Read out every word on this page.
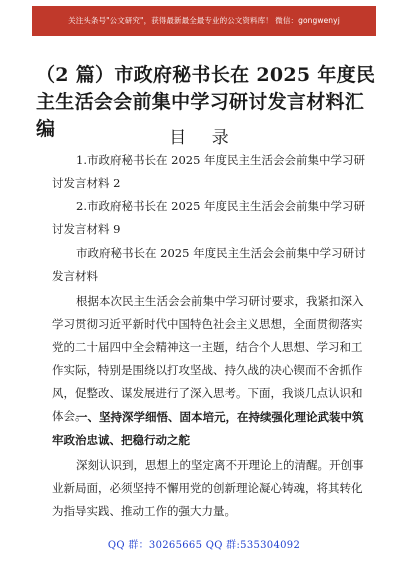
关注头条号"公文研究"，获得最新最全最专业的公文资料库！ 微信：gongwenyj
（2 篇）市政府秘书长在 2025 年度民主生活会会前集中学习研讨发言材料汇编	目 录
1.市政府秘书长在 2025 年度民主生活会会前集中学习研讨发言材料 2
2.市政府秘书长在 2025 年度民主生活会会前集中学习研讨发言材料 9
市政府秘书长在 2025 年度民主生活会会前集中学习研讨发言材料
根据本次民主生活会会前集中学习研讨要求，我紧扣深入学习贯彻习近平新时代中国特色社会主义思想，全面贯彻落实党的二十届四中全会精神这一主题，结合个人思想、学习和工作实际，特别是围绕以打攻坚战、持久战的决心锲而不舍抓作风，促整改、谋发展进行了深入思考。下面，我谈几点认识和体会。
一、坚持深学细悟、固本培元，在持续强化理论武装中筑牢政治忠诚、把稳行动之舵
深刻认识到，思想上的坚定离不开理论上的清醒。开创事业新局面，必须坚持不懈用党的创新理论凝心铸魂，将其转化为指导实践、推动工作的强大力量。
QQ 群：30265665 QQ 群:535304092
